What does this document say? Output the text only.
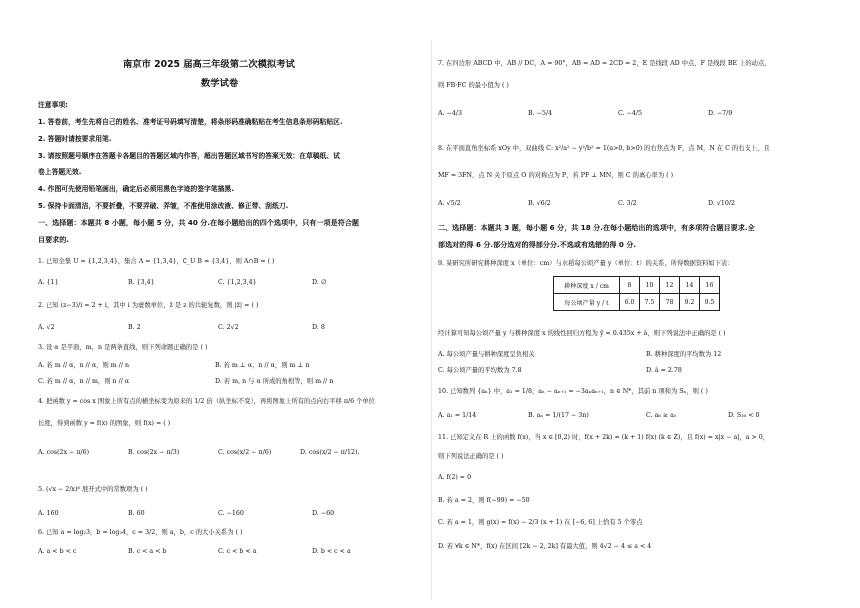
南京市 2025 届高三年级第二次模拟考试
数学试卷
注意事项:
1. 答卷前，考生先将自己的姓名、准考证号码填写清楚，将条形码准确粘贴在考生信息条形码粘贴区.
2. 答题时请按要求用笔.
3. 请按照题号顺序在答题卡各题目的答题区域内作答，超出答题区域书写的答案无效：在草稿纸、试
卷上答题无效.
4. 作图可先使用铅笔画出，确定后必须用黑色字迹的签字笔描黑.
5. 保持卡面清洁，不要折叠，不要弄破、弄皱，不准使用涂改液、修正带、刮纸刀.
一、选择题：本题共 8 小题，每小题 5 分，共 40 分.在每小题给出的四个选项中，只有一项是符合题
目要求的.
1. 已知全集 U = {1,2,3,4}，集合 A = {1,3,4}，∁_U B = {3,4}，则 A∩B = ( )
A. {1}	B. {3,4}	C. {1,2,3,4}	D. ∅
2. 已知 (z−3)/i = 2 + i，其中 i 为虚数单位，z̄ 是 z 的共轭复数，则 |z̄| = ( )
A. √2	B. 2	C. 2√2	D. 8
3. 设 α 是平面，m，n 是两条直线，则下列命题正确的是 ( )
A. 若 m // α，n // α，则 m // n	B. 若 m ⊥ α，n // α，则 m ⊥ n
C. 若 m // α，n // m，则 n // α	D. 若 m, n 与 α 所成的角相等，则 m // n
4. 把函数 y = cos x 图象上所有点的横坐标变为原来的 1/2 倍（纵坐标不变），再将图象上所有的点向右平移 π/6 个单位
长度，得到函数 y = f(x) 的图象，则 f(x) = ( )
A. cos(2x − π/6)	B. cos(2x − π/3)	C. cos(x/2 − π/6)	D. cos(x/2 − π/12).
5. (√x − 2/x)⁶ 展开式中的常数项为 ( )
A. 160	B. 60	C. −160	D. −60
6. 已知 a = log₂3，b = log₃4，c = 3/2，则 a，b，c 的大小关系为 ( )
A. a < b < c	B. c < a < b	C. c < b < a	D. b < c < a
7. 在四边形 ABCD 中，AB // DC，A = 90°，AB = AD = 2CD = 2，E 是线段 AD 中点，F 是线段 BE 上的动点，
则 FB·FC 的最小值为 ( )
A. −4/3	B. −5/4	C. −4/5	D. −7/9
8. 在平面直角坐标系 xOy 中，双曲线 C: x²/a² − y²/b² = 1(a>0, b>0) 的右焦点为 F，点 M，N 在 C 的右支上，且
MF = 3FN，点 N 关于原点 O 的对称点为 P，若 PF ⊥ MN，则 C 的离心率为 ( )
A. √5/2	B. √6/2	C. 3/2	D. √10/2
二、选择题：本题共 3 题，每小题 6 分，共 18 分.在每小题给出的选项中，有多项符合题目要求.全
部选对的得 6 分.部分选对的得部分分.不选或有选错的得 0 分.
9. 某研究所研究耕种深度 x（单位：cm）与水稻每公顷产量 y（单位：t）的关系，所得数据资料如下表：
耕种深度 x / cm	8	10	12	14	16
每公顷产量 y / t	6.0	7.5	78	9.2	9.5
经计算可知每公顷产量 y 与耕种深度 x 的线性回归方程为 ŷ = 0.435x + â，则下列说法中正确的是 ( )
A. 每公顷产量与耕种深度呈负相关	B. 耕种深度的平均数为 12
C. 每公顷产量的平均数为 7.8	D. â = 2.78
10. 已知数列 {aₙ} 中，a₁ = 1/8，aₙ − aₙ₊₁ = −3aₙaₙ₊₁，n ∈ N*，其前 n 项和为 Sₙ，则 ( )
A. a₁ = 1/14	B. aₙ = 1/(17 − 3n)	C. a₆ ≥ a₅	D. S₁₆ < 0
11. 已知定义在 R 上的函数 f(x)，当 x ∈ [0,2) 时，f(x + 2k) = (k + 1) f(x) (k ∈ Z)，且 f(x) = x|x − a|，a > 0，
则下列说法正确的是 ( )
A. f(2) = 0
B. 若 a = 2，则 f(−99) = −50
C. 若 a = 1，则 g(x) = f(x) − 2/3 (x + 1) 在 [−6, 6] 上恰有 5 个零点
D. 若 ∀k ∈ N*，f(x) 在区间 [2k − 2, 2k] 有最大值，则 4√2 − 4 ≤ a < 4
